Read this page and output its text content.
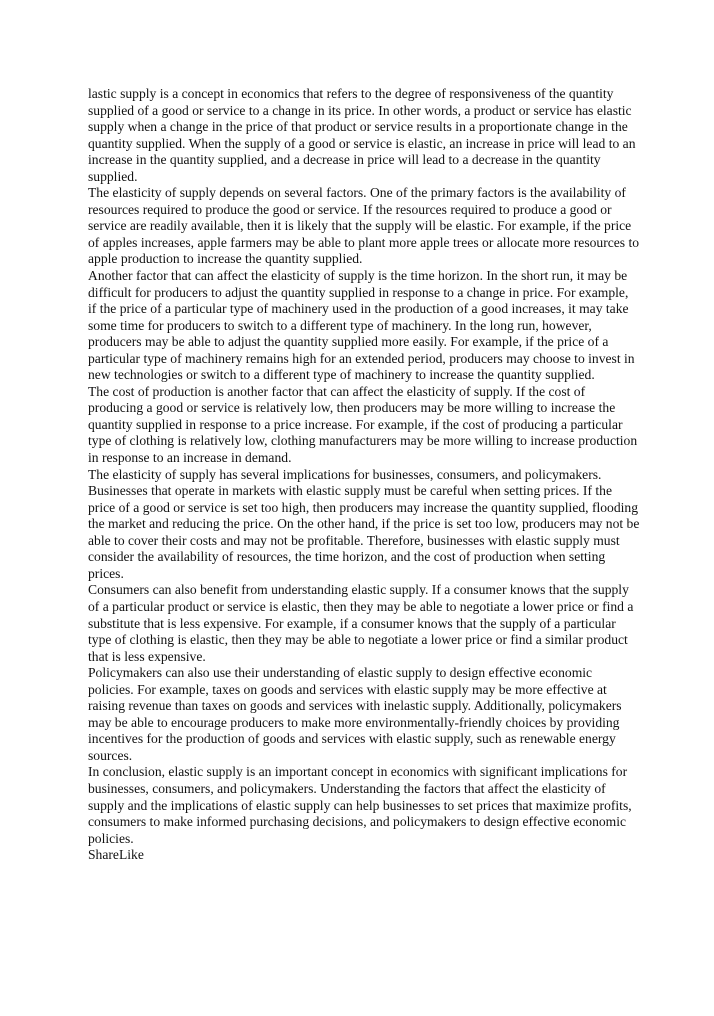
lastic supply is a concept in economics that refers to the degree of responsiveness of the quantity supplied of a good or service to a change in its price. In other words, a product or service has elastic supply when a change in the price of that product or service results in a proportionate change in the quantity supplied. When the supply of a good or service is elastic, an increase in price will lead to an increase in the quantity supplied, and a decrease in price will lead to a decrease in the quantity supplied.

The elasticity of supply depends on several factors. One of the primary factors is the availability of resources required to produce the good or service. If the resources required to produce a good or service are readily available, then it is likely that the supply will be elastic. For example, if the price of apples increases, apple farmers may be able to plant more apple trees or allocate more resources to apple production to increase the quantity supplied.

Another factor that can affect the elasticity of supply is the time horizon. In the short run, it may be difficult for producers to adjust the quantity supplied in response to a change in price. For example, if the price of a particular type of machinery used in the production of a good increases, it may take some time for producers to switch to a different type of machinery. In the long run, however, producers may be able to adjust the quantity supplied more easily. For example, if the price of a particular type of machinery remains high for an extended period, producers may choose to invest in new technologies or switch to a different type of machinery to increase the quantity supplied.

The cost of production is another factor that can affect the elasticity of supply. If the cost of producing a good or service is relatively low, then producers may be more willing to increase the quantity supplied in response to a price increase. For example, if the cost of producing a particular type of clothing is relatively low, clothing manufacturers may be more willing to increase production in response to an increase in demand.

The elasticity of supply has several implications for businesses, consumers, and policymakers. Businesses that operate in markets with elastic supply must be careful when setting prices. If the price of a good or service is set too high, then producers may increase the quantity supplied, flooding the market and reducing the price. On the other hand, if the price is set too low, producers may not be able to cover their costs and may not be profitable. Therefore, businesses with elastic supply must consider the availability of resources, the time horizon, and the cost of production when setting prices.

Consumers can also benefit from understanding elastic supply. If a consumer knows that the supply of a particular product or service is elastic, then they may be able to negotiate a lower price or find a substitute that is less expensive. For example, if a consumer knows that the supply of a particular type of clothing is elastic, then they may be able to negotiate a lower price or find a similar product that is less expensive.

Policymakers can also use their understanding of elastic supply to design effective economic policies. For example, taxes on goods and services with elastic supply may be more effective at raising revenue than taxes on goods and services with inelastic supply. Additionally, policymakers may be able to encourage producers to make more environmentally-friendly choices by providing incentives for the production of goods and services with elastic supply, such as renewable energy sources.

In conclusion, elastic supply is an important concept in economics with significant implications for businesses, consumers, and policymakers. Understanding the factors that affect the elasticity of supply and the implications of elastic supply can help businesses to set prices that maximize profits, consumers to make informed purchasing decisions, and policymakers to design effective economic policies.

ShareLike
